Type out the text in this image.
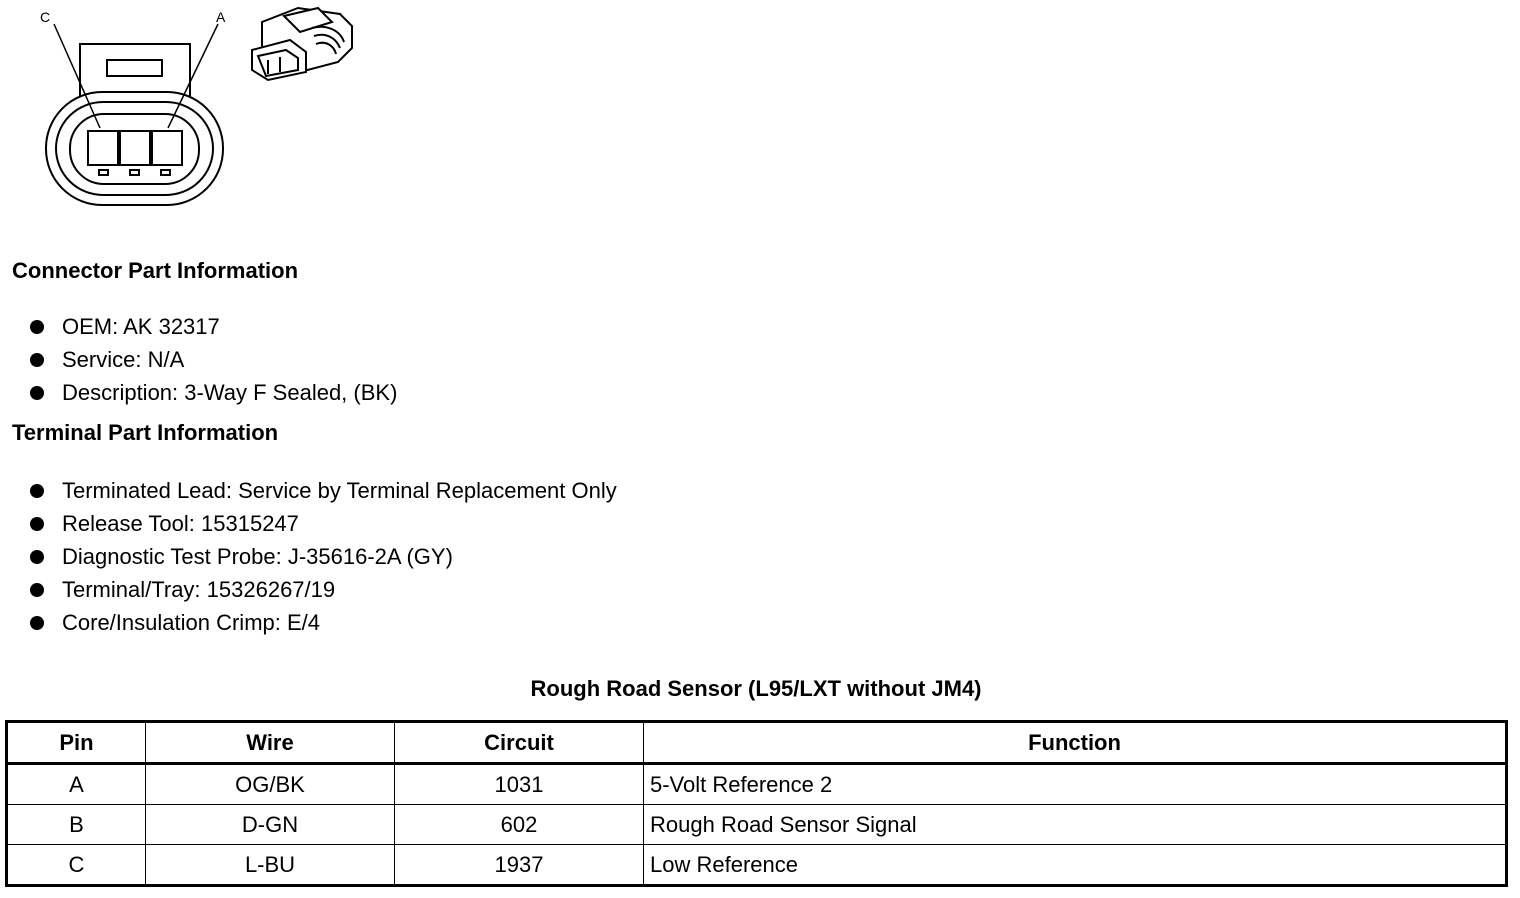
C	A
Connector Part Information
OEM: AK 32317
Service: N/A
Description: 3-Way F Sealed, (BK)
Terminal Part Information
Terminated Lead: Service by Terminal Replacement Only
Release Tool: 15315247
Diagnostic Test Probe: J-35616-2A (GY)
Terminal/Tray: 15326267/19
Core/Insulation Crimp: E/4
Rough Road Sensor (L95/LXT without JM4)
Pin	Wire	Circuit	Function
A	OG/BK	1031	5-Volt Reference 2
B	D-GN	602	Rough Road Sensor Signal
C	L-BU	1937	Low Reference
